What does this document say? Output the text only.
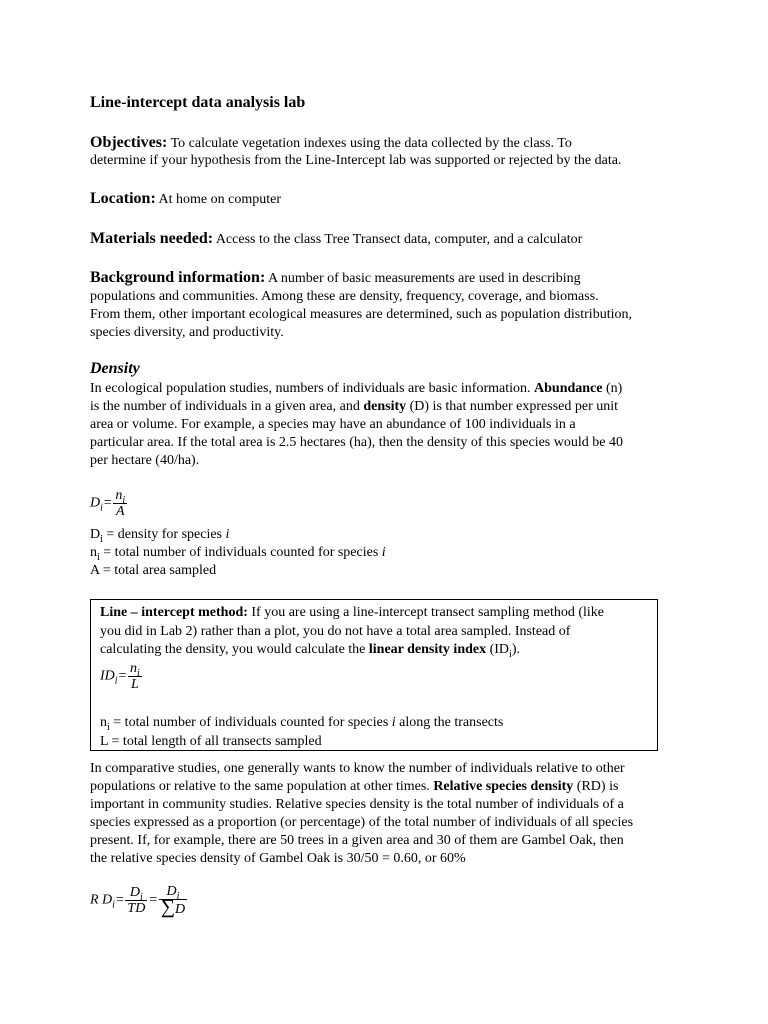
Line-intercept data analysis lab
Objectives: To calculate vegetation indexes using the data collected by the class. To
determine if your hypothesis from the Line-Intercept lab was supported or rejected by the data.
Location: At home on computer
Materials needed: Access to the class Tree Transect data, computer, and a calculator
Background information: A number of basic measurements are used in describing
populations and communities. Among these are density, frequency, coverage, and biomass.
From them, other important ecological measures are determined, such as population distribution,
species diversity, and productivity.
Density
In ecological population studies, numbers of individuals are basic information. Abundance (n)
is the number of individuals in a given area, and density (D) is that number expressed per unit
area or volume. For example, a species may have an abundance of 100 individuals in a
particular area. If the total area is 2.5 hectares (ha), then the density of this species would be 40
per hectare (40/ha).
$D_i= \frac{n_i}{A}$
$D_i$ = density for species i
$n_i$ = total number of individuals counted for species i
A = total area sampled
Line – intercept method: If you are using a line-intercept transect sampling method (like
you did in Lab 2) rather than a plot, you do not have a total area sampled. Instead of
calculating the density, you would calculate the linear density index $(ID_i)$.
$ID_i= \frac{n_i}{L}$
$n_i$ = total number of individuals counted for species i along the transects
L = total length of all transects sampled
In comparative studies, one generally wants to know the number of individuals relative to other
populations or relative to the same population at other times. Relative species density (RD) is
important in community studies. Relative species density is the total number of individuals of a
species expressed as a proportion (or percentage) of the total number of individuals of all species
present. If, for example, there are 50 trees in a given area and 30 of them are Gambel Oak, then
the relative species density of Gambel Oak is 30/50 = 0.60, or 60%
R $D_i= \frac{D_i}{TD} = \frac{D_i}{\sum D}$
